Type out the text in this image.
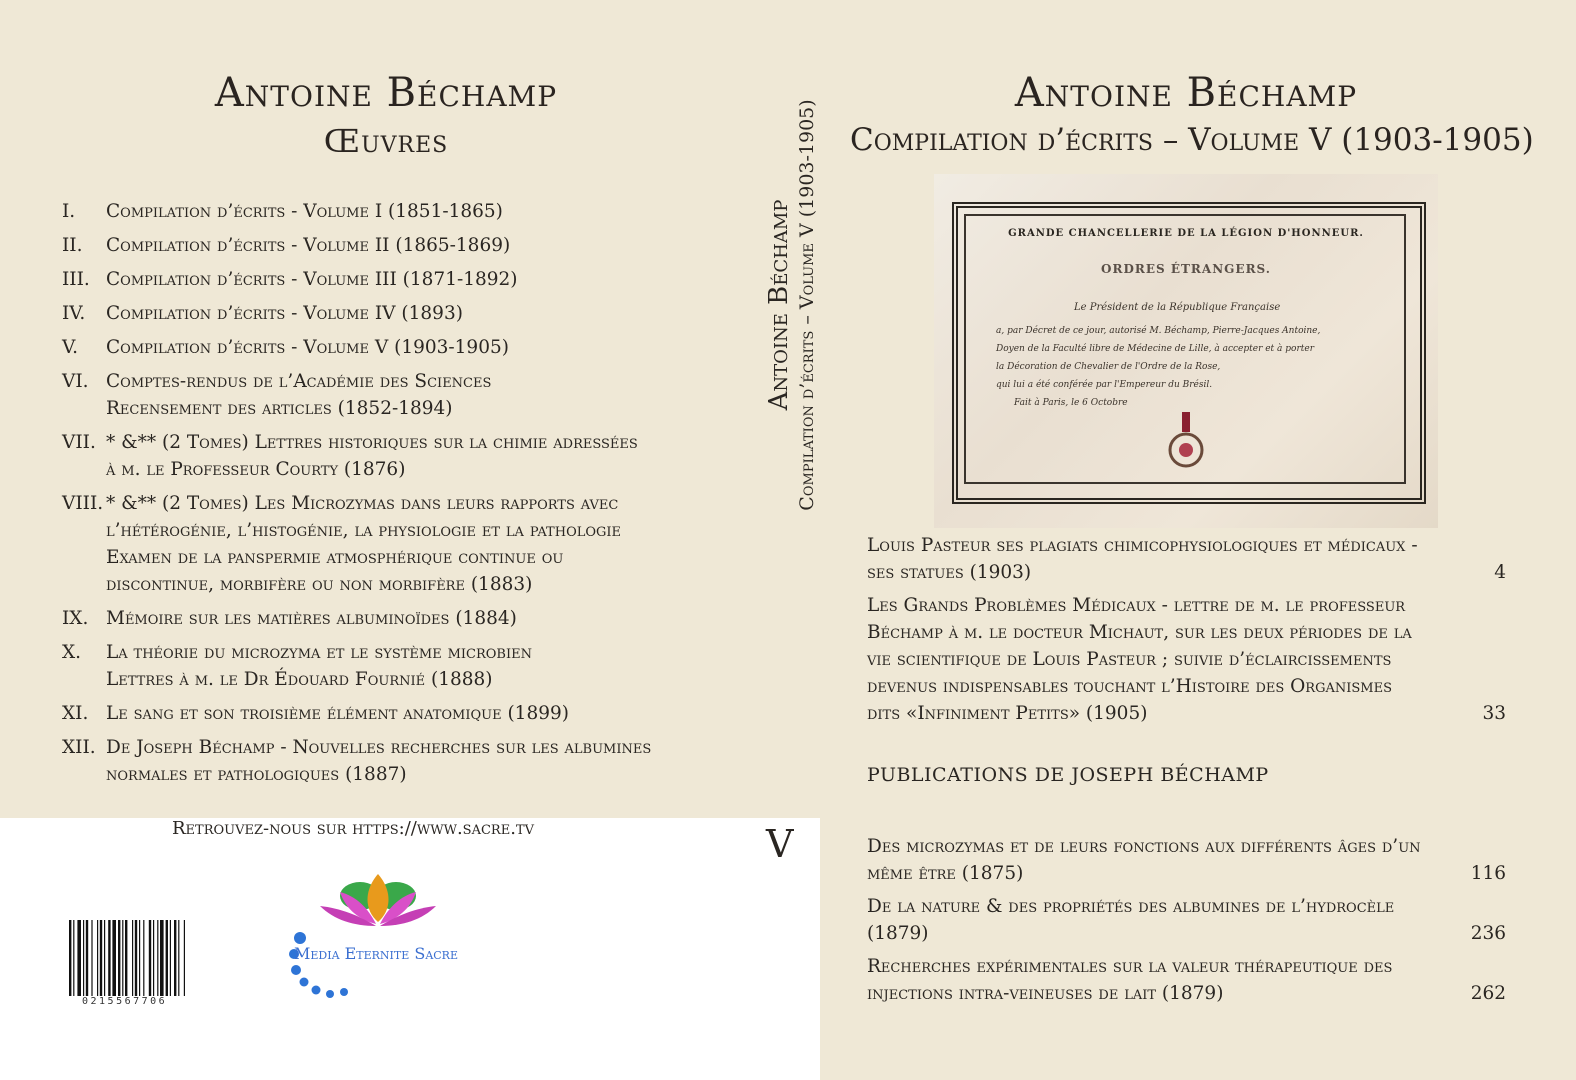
Antoine Béchamp
Œuvres
I.	Compilation d’écrits - Volume I (1851-1865)
II.	Compilation d’écrits - Volume II (1865-1869)
III. Compilation d’écrits - Volume III (1871-1892)
IV.	Compilation d’écrits - Volume IV (1893)
V.	Compilation d’écrits - Volume V (1903-1905)
VI. Comptes-rendus de l’Académie des Sciences
Recensement des articles (1852-1894)
VII. * &** (2 Tomes) Lettres historiques sur la chimie adressées
à m. le Professeur Courty (1876)
VIII. * &** (2 Tomes) Les Microzymas dans leurs rapports avec
l’hétérogénie, l’histogénie, la physiologie et la pathologie
Examen de la panspermie atmosphérique continue ou
discontinue, morbifère ou non morbifère (1883)
IX. Mémoire sur les matières albuminoïdes (1884)
X.	La théorie du microzyma et le système microbien
Lettres à m. le Dr Édouard Fournié (1888)
XI. Le sang et son troisième élément anatomique (1899)
XII. De Joseph Béchamp - Nouvelles recherches sur les albumines
normales et pathologiques (1887)
Antoine Béchamp Compilation d’écrits – Volume V (1903-1905)
Retrouvez-nous sur https://www.sacre.tv	V
0215567706
Media Eternite Sacre
Antoine Béchamp
Compilation d’écrits – Volume V (1903-1905)
GRANDE CHANCELLERIE DE LA LÉGION D'HONNEUR.
ORDRES ÉTRANGERS.
Le Président de la République Française
a, par Décret de ce jour, autorisé M. Béchamp, Pierre-Jacques Antoine,
Doyen de la Faculté libre de Médecine de Lille, à accepter et à porter
la Décoration de Chevalier de l'Ordre de la Rose,
qui lui a été conférée par l'Empereur du Brésil.
Fait à Paris, le 6 Octobre
Louis Pasteur ses plagiats chimicophysiologiques et médicaux -
ses statues (1903)	4
Les Grands Problèmes Médicaux - lettre de m. le professeur
Béchamp à m. le docteur Michaut, sur les deux périodes de la
vie scientifique de Louis Pasteur ; suivie d’éclaircissements
devenus indispensables touchant l’Histoire des Organismes
dits «Infiniment Petits» (1905)	33
PUBLICATIONS DE JOSEPH BÉCHAMP
Des microzymas et de leurs fonctions aux différents âges d’un
même être (1875)	116
De la nature & des propriétés des albumines de l’hydrocèle
(1879)	236
Recherches expérimentales sur la valeur thérapeutique des
injections intra-veineuses de lait (1879)	262
